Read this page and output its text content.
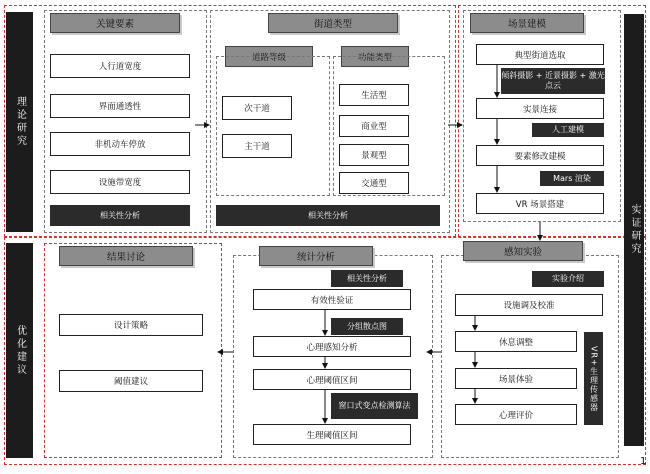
理论研究
实证研究
优化建议
关键要素
人行道宽度
界面通透性
非机动车停放
设施带宽度
相关性分析
街道类型
道路等级	功能类型
次干道
主干道
生活型
商业型
景观型
交通型
相关性分析
场景建模
典型街道选取
倾斜摄影 + 近景摄影 + 激光点云
实景连接
人工建模
要素修改建模
Mars 渲染
VR 场景搭建
感知实验
实验介绍
设施调及校准
休息调整
场景体验
心理评价
VR+生理传感器
统计分析
相关性分析
有效性验证
分组散点图
心理感知分析
心理阈值区间
窗口式变点检测算法
生理阈值区间
结果讨论
设计策略
阈值建议
1
